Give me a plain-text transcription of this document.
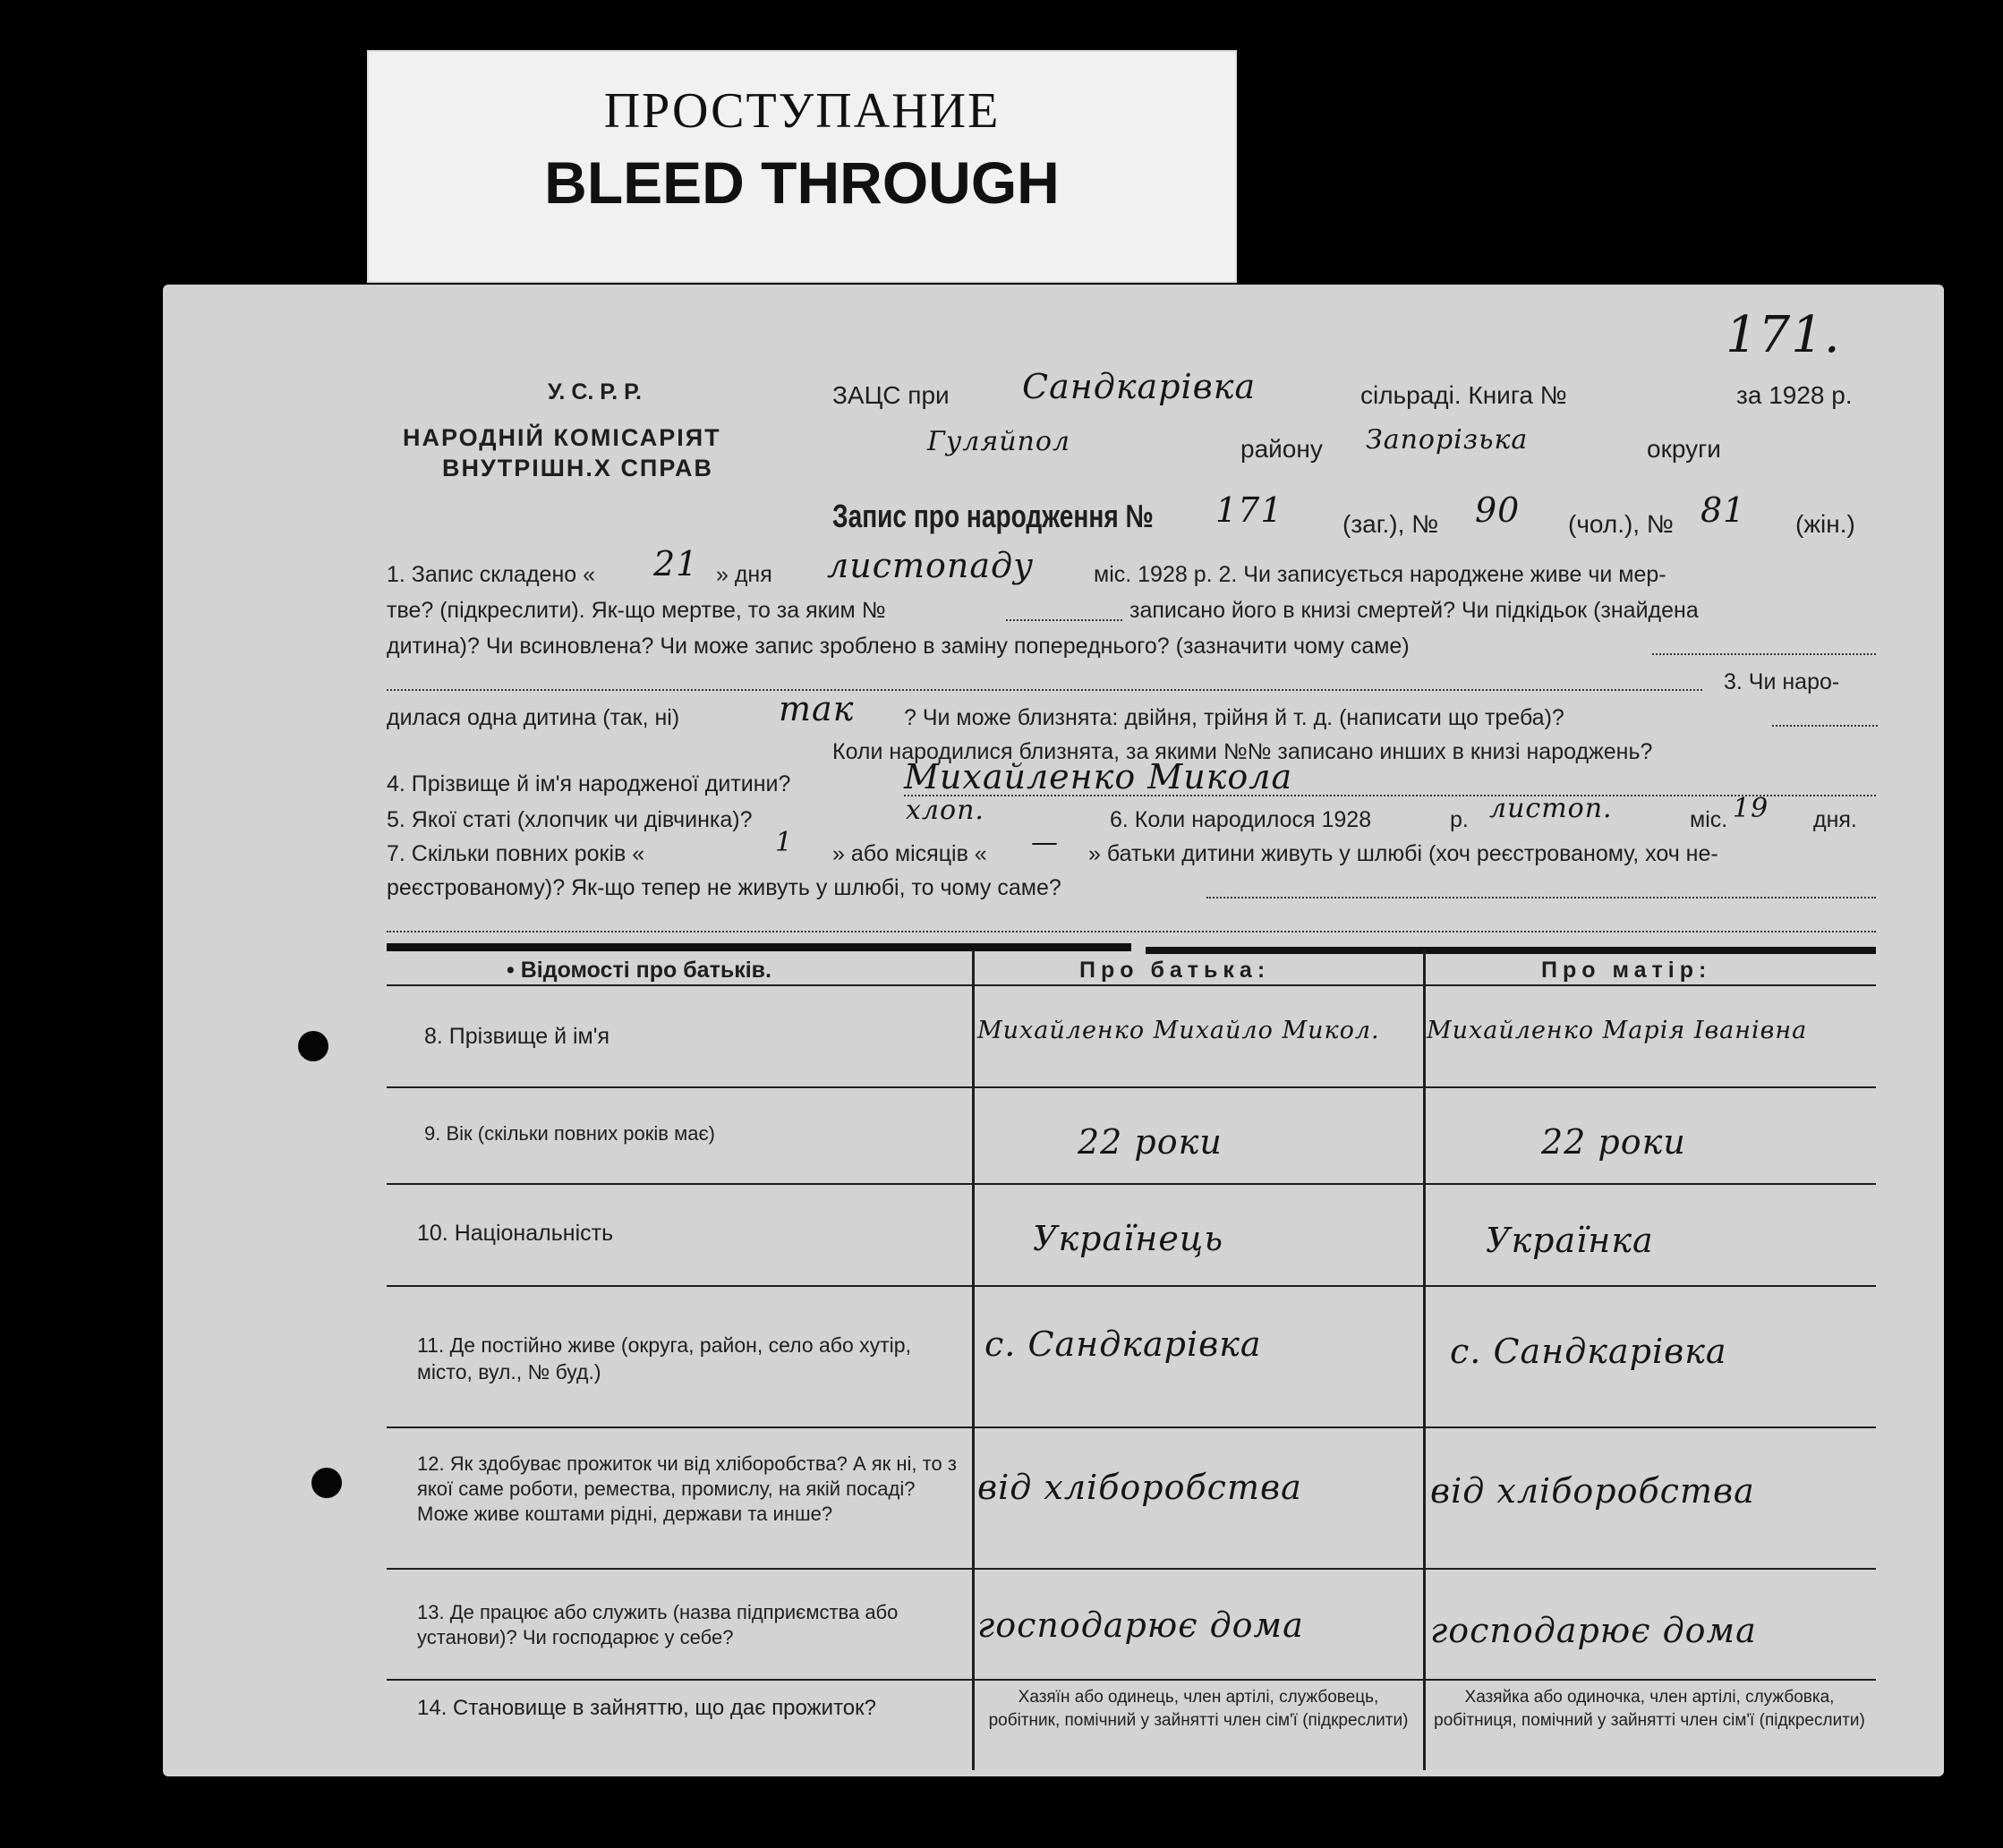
ПРОСТУПАНИЕ
BLEED THROUGH
171.
У. С. Р. Р.
НАРОДНІЙ КОМІСАРІЯТ
ВНУТРІШН.Х СПРАВ
ЗАЦС при Сандкарівка	сільраді. Книга №	за 1928 р.
Гуляйпол	району Запорізька	округи
Запис про народження № 171 (заг.), № 90 (чол.), № 81 (жін.)
1. Запис складено « 21 » дня листопаду	міс. 1928 р. 2. Чи записується народжене живе чи мер-
тве? (підкреслити). Як-що мертве, то за яким №	записано його в книзі смертей? Чи підкідьок (знайдена
дитина)? Чи всиновлена? Чи може запис зроблено в заміну попереднього? (зазначити чому саме)
3. Чи наро-
дилася одна дитина (так, ні)	так ? Чи може близнята: двійня, трійня й т. д. (написати що треба)?
Коли народилися близнята, за якими №№ записано инших в книзі народжень?
4. Прізвище й ім'я народженої дитини?	Михайленко Микола
5. Якої статі (хлопчик чи дівчинка)?	хлоп.	6. Коли народилося 1928	листоп.
р.	міс. 19 дня.
7. Скільки повних років «	1 » або місяців « — » батьки дитини живуть у шлюбі (хоч реєстрованому, хоч не-
реєстрованому)? Як-що тепер не живуть у шлюбі, то чому саме?
• Відомості про батьків.	Про батька:	Про матір:
8. Прізвище й ім'я	Михайленко Михайло Микол. Михайленко Марія Іванівна
9. Вік (скільки повних років має)	22 роки	22 роки
10. Національність	Українець	Українка
11. Де постійно живе (округа, район, село або хутір, місто, вул., № буд.)
с. Сандкарівка	с. Сандкарівка
12. Як здобуває прожиток чи від хліборобства? А як ні, то з якої саме роботи, ремества, промислу, на якій посаді? Може живе коштами рідні, держави та инше?
від хліборобства	від хліборобства
13. Де працює або служить (назва підприємства або установи)? Чи господарює у себе?	господарює дома	господарює дома
14. Становище в зайняттю, що дає прожиток?	Хазяїн або одинець, член артілі, службовець, робітник, помічний у зайнятті член сім'ї (підкреслити)
Хазяйка або одиночка, член артілі, службовка, робітниця, помічний у зайнятті член сім'ї (підкреслити)
